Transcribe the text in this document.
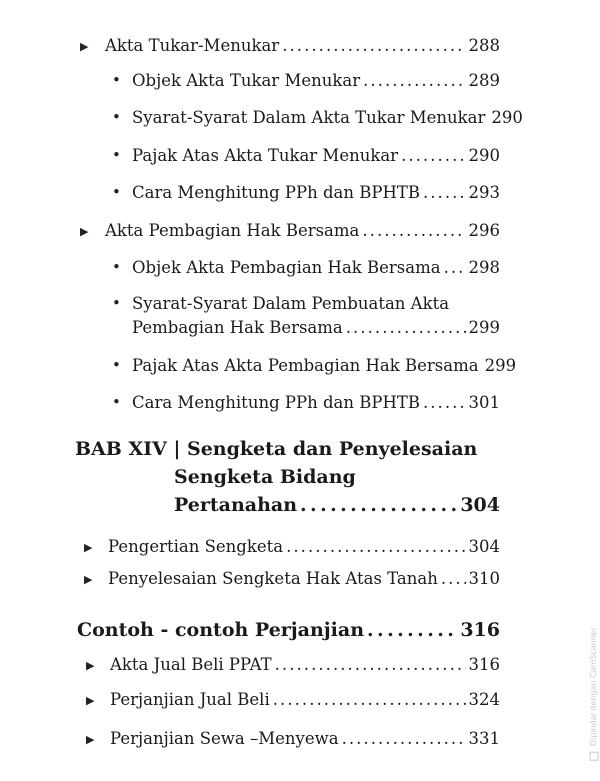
▶ Akta Tukar-Menukar . . .	288
• Objek Akta Tukar Menukar . . .	289
• Syarat-Syarat Dalam Akta Tukar Menukar 290
• Pajak Atas Akta Tukar Menukar . . .	290
• Cara Menghitung PPh dan BPHTB . . .	293
▶ Akta Pembagian Hak Bersama . . .	296
• Objek Akta Pembagian Hak Bersama . . . 298
• Syarat-Syarat Dalam Pembuatan Akta
Pembagian Hak Bersama . . .	299
• Pajak Atas Akta Pembagian Hak Bersama 299
• Cara Menghitung PPh dan BPHTB . . .	301
BAB XIV | Sengketa dan Penyelesaian
Sengketa Bidang
Pertanahan . . .	304
▶ Pengertian Sengketa . . .	304
▶ Penyelesaian Sengketa Hak Atas Tanah . . . 310
Contoh - contoh Perjanjian . . .	316
▶ Akta Jual Beli PPAT . . .	316
▶ Perjanjian Jual Beli . . .	324
▶ Perjanjian Sewa –Menyewa . . .	331	Dipindai dengan CamScanner
